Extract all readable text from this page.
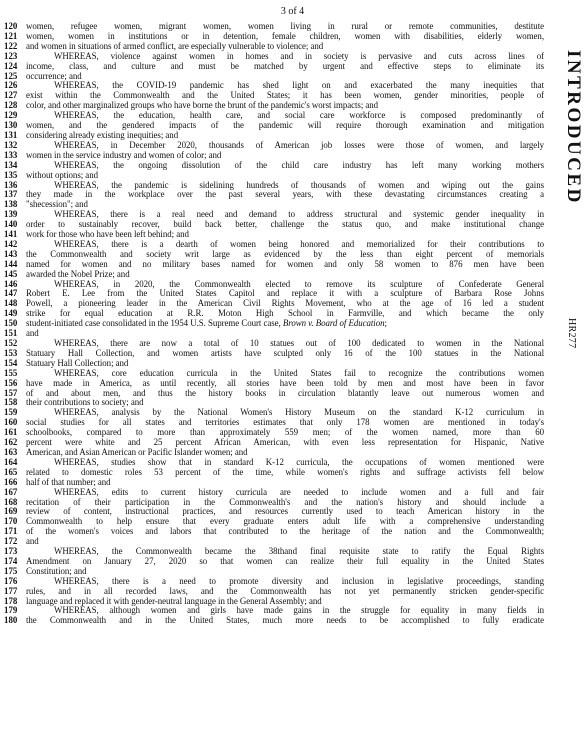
3 of 4
120 women, refugee women, migrant women, women living in rural or remote communities, destitute
121 women, women in institutions or in detention, female children, women with disabilities, elderly women,
122 and women in situations of armed conflict, are especially vulnerable to violence; and
123	WHEREAS, violence against women in homes and in society is pervasive and cuts across lines of
124 income, class, and culture and must be matched by urgent and effective steps to eliminate its
125 occurrence; and
126	WHEREAS, the COVID-19 pandemic has shed light on and exacerbated the many inequities that
127 exist within the Commonwealth and the United States; it has been women, gender minorities, people of
128 color, and other marginalized groups who have borne the brunt of the pandemic's worst impacts; and
129	WHEREAS, the education, health care, and social care workforce is composed predominantly of
130 women, and the gendered impacts of the pandemic will require thorough examination and mitigation
131 considering already existing inequities; and
132	WHEREAS, in December 2020, thousands of American job losses were those of women, and largely
133 women in the service industry and women of color; and
134	WHEREAS, the ongoing dissolution of the child care industry has left many working mothers
135 without options; and
136	WHEREAS, the pandemic is sidelining hundreds of thousands of women and wiping out the gains
137 they made in the workplace over the past several years, with these devastating circumstances creating a
138 "shecession"; and
139	WHEREAS, there is a real need and demand to address structural and systemic gender inequality in
140 order to sustainably recover, build back better, challenge the status quo, and make institutional change
141 work for those who have been left behind; and
142	WHEREAS, there is a dearth of women being honored and memorialized for their contributions to
143 the Commonwealth and society writ large as evidenced by the less than eight percent of memorials
144 named for women and no military bases named for women and only 58 women to 876 men have been
145 awarded the Nobel Prize; and
146	WHEREAS, in 2020, the Commonwealth elected to remove its sculpture of Confederate General
147 Robert E. Lee from the United States Capitol and replace it with a sculpture of Barbara Rose Johns
148 Powell, a pioneering leader in the American Civil Rights Movement, who at the age of 16 led a student
149 strike for equal education at R.R. Moton High School in Farmville, and which became the only
150 student-initiated case consolidated in the 1954 U.S. Supreme Court case, Brown v. Board of Education;
151 and
152	WHEREAS, there are now a total of 10 statues out of 100 dedicated to women in the National
153 Statuary Hall Collection, and women artists have sculpted only 16 of the 100 statues in the National
154 Statuary Hall Collection; and
155	WHEREAS, core education curricula in the United States fail to recognize the contributions women
156 have made in America, as until recently, all stories have been told by men and most have been in favor
157 of and about men, and thus the history books in circulation blatantly leave out numerous women and
158 their contributions to society; and
159	WHEREAS, analysis by the National Women's History Museum on the standard K-12 curriculum in
160 social studies for all states and territories estimates that only 178 women are mentioned in today's
161 schoolbooks, compared to more than approximately 559 men; of the women named, more than 60
162 percent were white and 25 percent African American, with even less representation for Hispanic, Native
163 American, and Asian American or Pacific Islander women; and
164	WHEREAS, studies show that in standard K-12 curricula, the occupations of women mentioned were
165 related to domestic roles 53 percent of the time, while women's rights and suffrage activists fell below
166 half of that number; and
167	WHEREAS, edits to current history curricula are needed to include women and a full and fair
168 recitation of their participation in the Commonwealth's and the nation's history and should include a
169 review of content, instructional practices, and resources currently used to teach American history in the
170 Commonwealth to help ensure that every graduate enters adult life with a comprehensive understanding
171 of the women's voices and labors that contributed to the heritage of the nation and the Commonwealth;
172 and
173	WHEREAS, the Commonwealth became the 38thand final requisite state to ratify the Equal Rights
174 Amendment on January 27, 2020 so that women can realize their full equality in the United States
175 Constitution; and
176	WHEREAS, there is a need to promote diversity and inclusion in legislative proceedings, standing
177 rules, and in all recorded laws, and the Commonwealth has not yet permanently stricken gender-specific
178 language and replaced it with gender-neutral language in the General Assembly; and
179	WHEREAS, although women and girls have made gains in the struggle for equality in many fields in
180 the Commonwealth and in the United States, much more needs to be accomplished to fully eradicate
INTRODUCED
HR277
